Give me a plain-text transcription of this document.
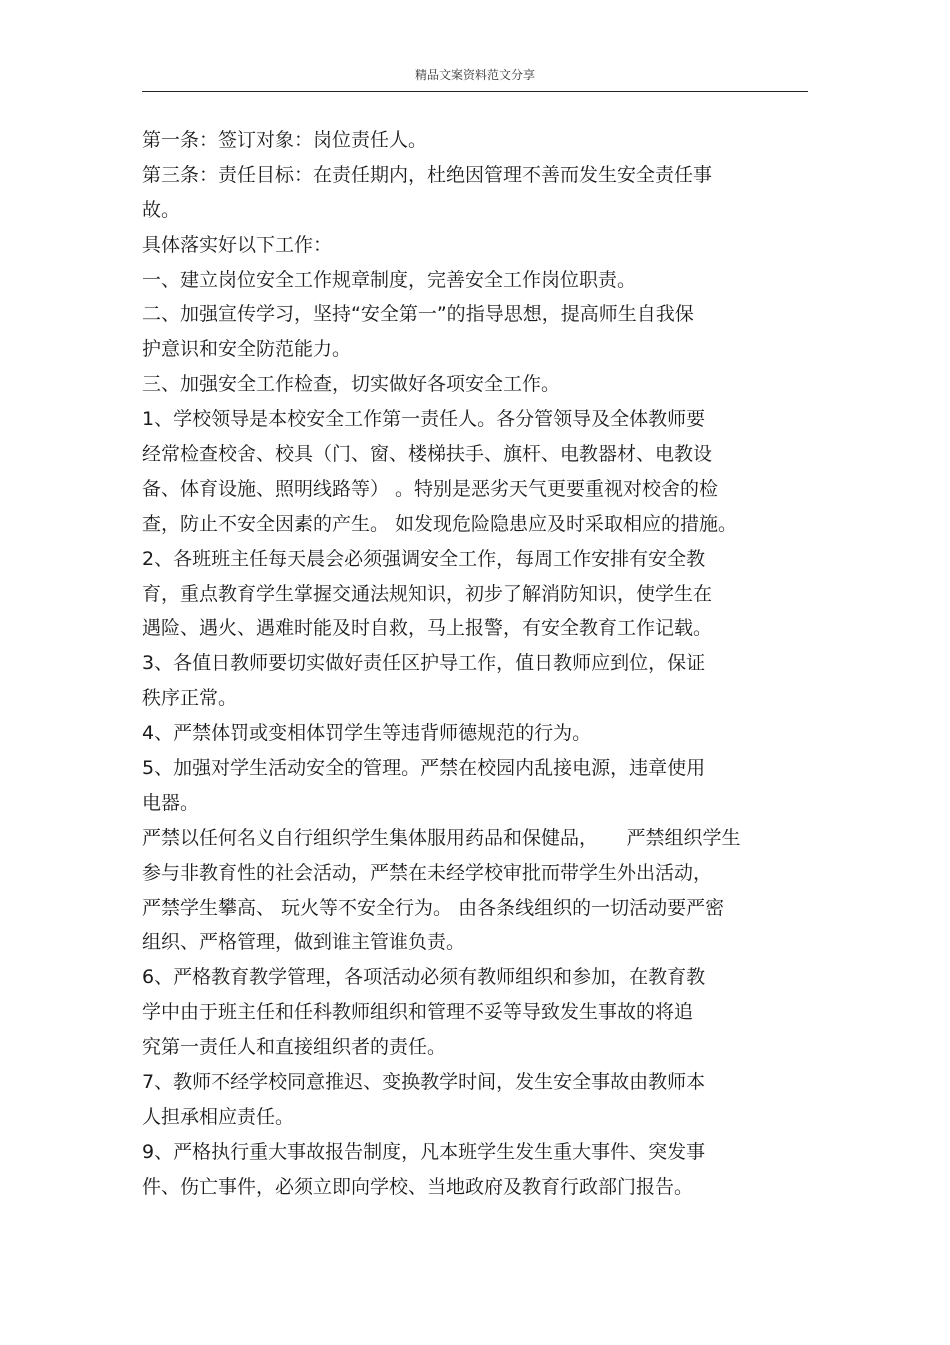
精品文案资料范文分享
第一条：签订对象：岗位责任人。
第三条：责任目标：在责任期内，杜绝因管理不善而发生安全责任事
故。
具体落实好以下工作：
一、建立岗位安全工作规章制度，完善安全工作岗位职责。
二、加强宣传学习，坚持“安全第一”的指导思想，提高师生自我保
护意识和安全防范能力。
三、加强安全工作检查，切实做好各项安全工作。
1、学校领导是本校安全工作第一责任人。各分管领导及全体教师要
经常检查校舍、校具（门、窗、楼梯扶手、旗杆、电教器材、电教设
备、体育设施、照明线路等） 。特别是恶劣天气更要重视对校舍的检
查，防止不安全因素的产生。 如发现危险隐患应及时采取相应的措施。
2、各班班主任每天晨会必须强调安全工作，每周工作安排有安全教
育，重点教育学生掌握交通法规知识，初步了解消防知识，使学生在
遇险、遇火、遇难时能及时自救，马上报警，有安全教育工作记载。
3、各值日教师要切实做好责任区护导工作，值日教师应到位，保证
秩序正常。
4、严禁体罚或变相体罚学生等违背师德规范的行为。
5、加强对学生活动安全的管理。严禁在校园内乱接电源，违章使用
电器。
严禁以任何名义自行组织学生集体服用药品和保健品，　　严禁组织学生
参与非教育性的社会活动，严禁在未经学校审批而带学生外出活动，
严禁学生攀高、 玩火等不安全行为。 由各条线组织的一切活动要严密
组织、严格管理，做到谁主管谁负责。
6、严格教育教学管理，各项活动必须有教师组织和参加，在教育教
学中由于班主任和任科教师组织和管理不妥等导致发生事故的将追
究第一责任人和直接组织者的责任。
7、教师不经学校同意推迟、变换教学时间，发生安全事故由教师本
人担承相应责任。
9、严格执行重大事故报告制度，凡本班学生发生重大事件、突发事
件、伤亡事件，必须立即向学校、当地政府及教育行政部门报告。
